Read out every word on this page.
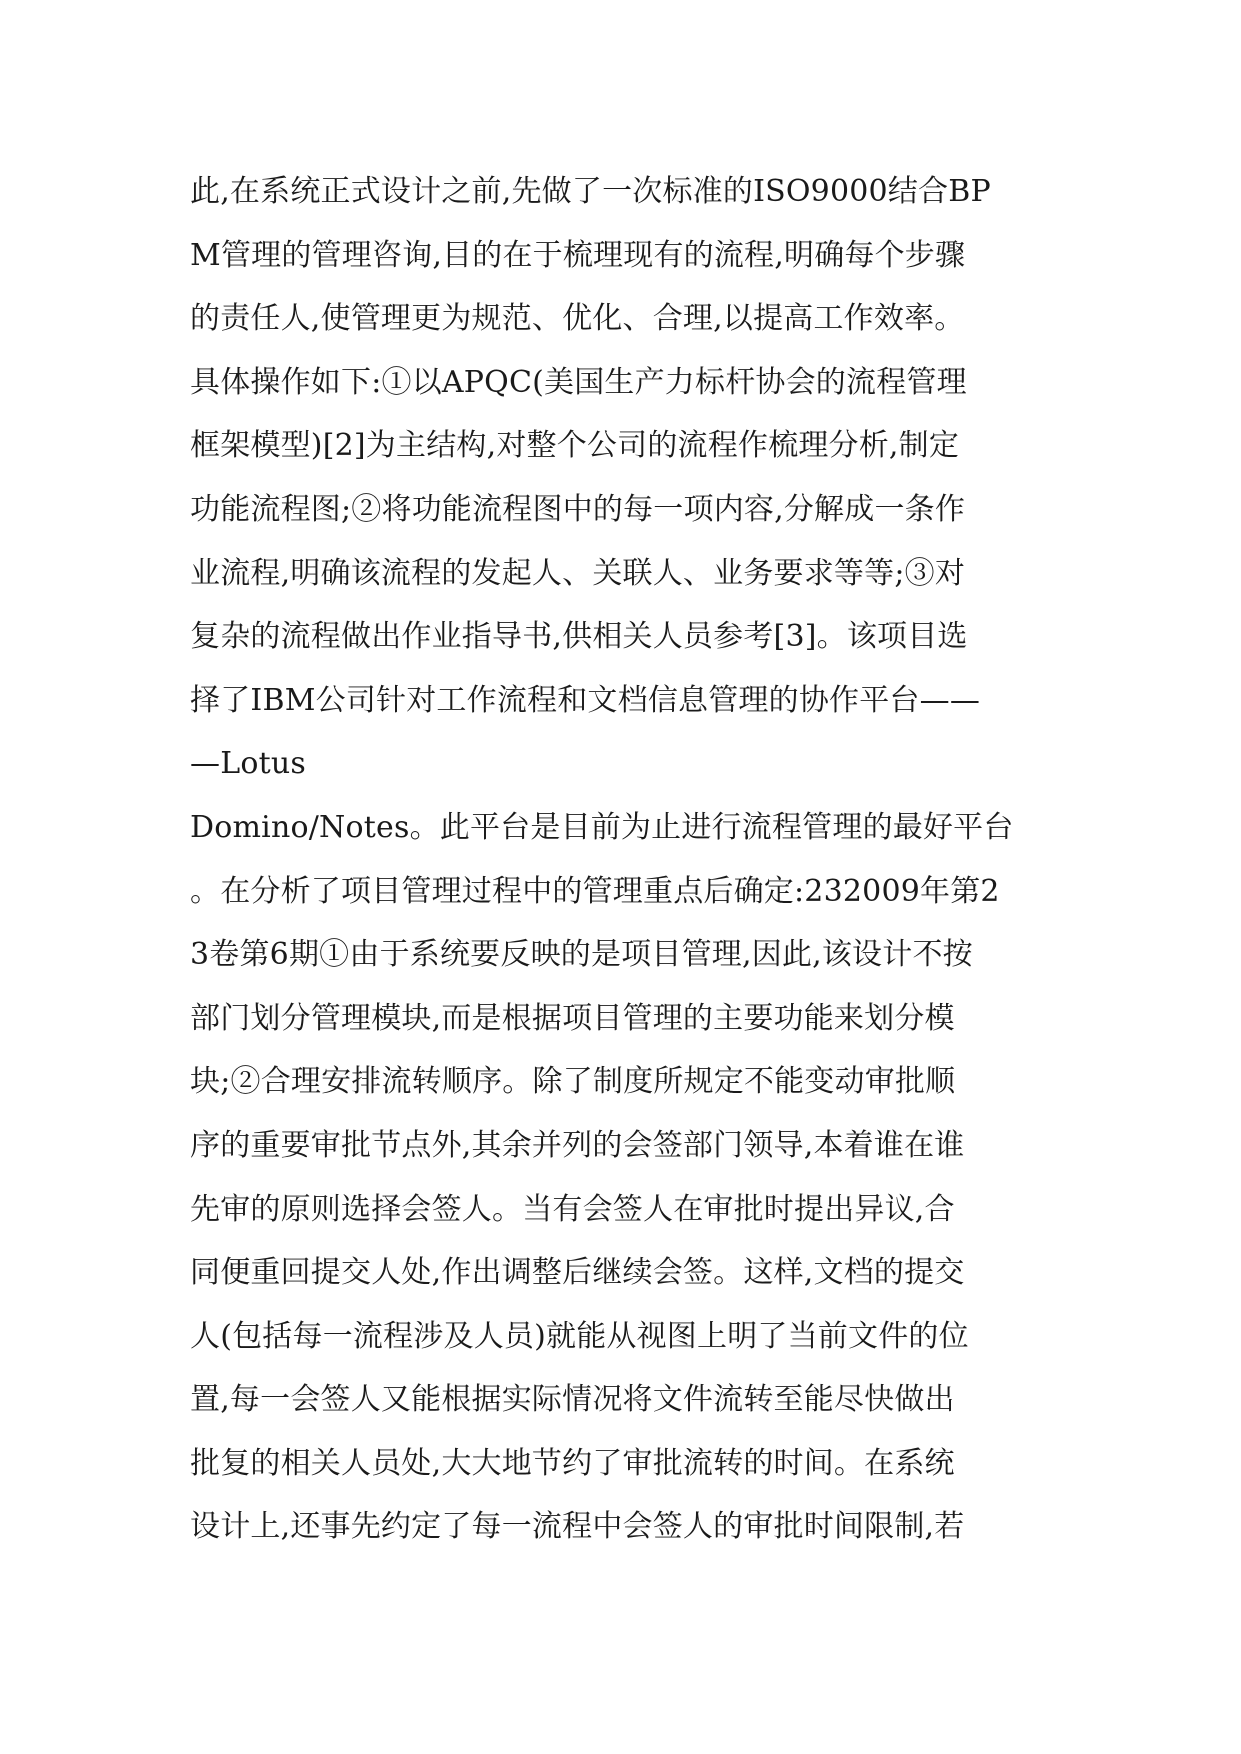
此,在系统正式设计之前,先做了一次标准的ISO9000结合BP
M管理的管理咨询,目的在于梳理现有的流程,明确每个步骤
的责任人,使管理更为规范、优化、合理,以提高工作效率。
具体操作如下:①以APQC(美国生产力标杆协会的流程管理
框架模型)[2]为主结构,对整个公司的流程作梳理分析,制定
功能流程图;②将功能流程图中的每一项内容,分解成一条作
业流程,明确该流程的发起人、关联人、业务要求等等;③对
复杂的流程做出作业指导书,供相关人员参考[3]。该项目选
择了IBM公司针对工作流程和文档信息管理的协作平台——
—Lotus
Domino/Notes。此平台是目前为止进行流程管理的最好平台
。在分析了项目管理过程中的管理重点后确定:232009年第2
3卷第6期①由于系统要反映的是项目管理,因此,该设计不按
部门划分管理模块,而是根据项目管理的主要功能来划分模
块;②合理安排流转顺序。除了制度所规定不能变动审批顺
序的重要审批节点外,其余并列的会签部门领导,本着谁在谁
先审的原则选择会签人。当有会签人在审批时提出异议,合
同便重回提交人处,作出调整后继续会签。这样,文档的提交
人(包括每一流程涉及人员)就能从视图上明了当前文件的位
置,每一会签人又能根据实际情况将文件流转至能尽快做出
批复的相关人员处,大大地节约了审批流转的时间。在系统
设计上,还事先约定了每一流程中会签人的审批时间限制,若
